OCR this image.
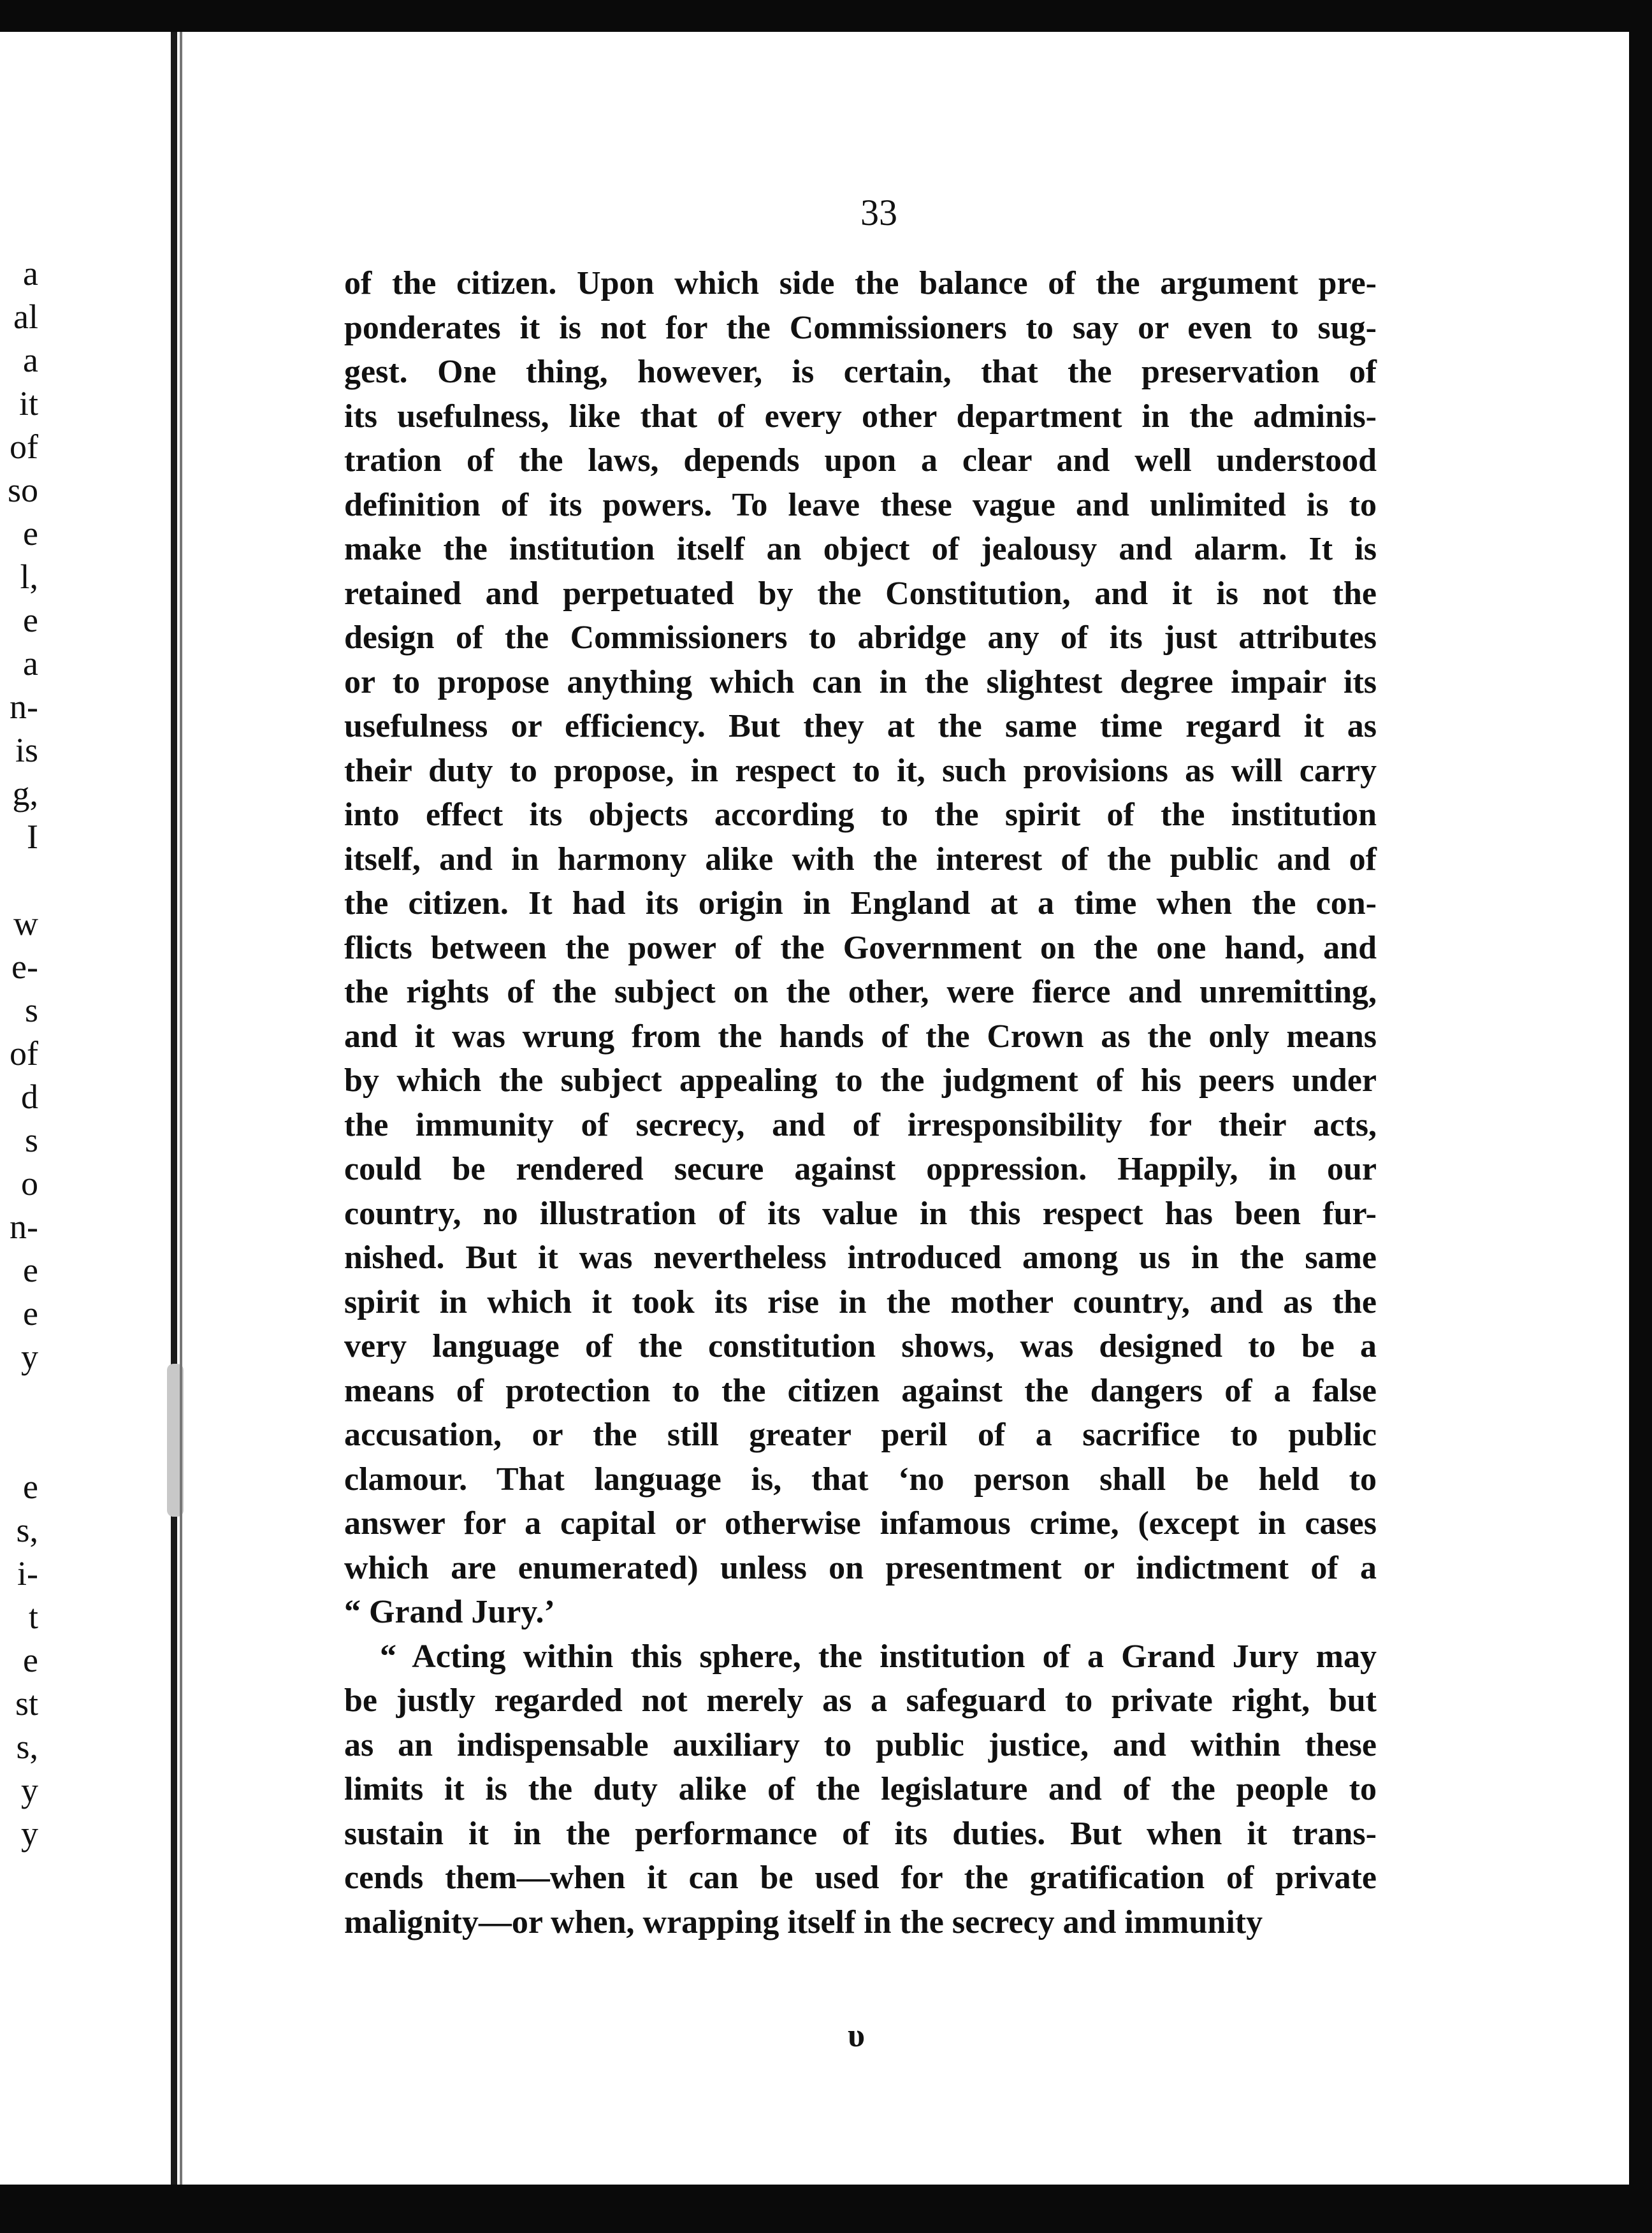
a
al
a
it
of
so
e
l,
e
a
n-
is
g,
I
w
e-
s
of
d
s
o
n-
e
e
y
e
s,
i-
t
e
st
s,
y
y
33
of the citizen. Upon which side the balance of the argument pre-
ponderates it is not for the Commissioners to say or even to sug-
gest. One thing, however, is certain, that the preservation of
its usefulness, like that of every other department in the adminis-
tration of the laws, depends upon a clear and well understood
definition of its powers. To leave these vague and unlimited is to
make the institution itself an object of jealousy and alarm. It is
retained and perpetuated by the Constitution, and it is not the
design of the Commissioners to abridge any of its just attributes
or to propose anything which can in the slightest degree impair its
usefulness or efficiency. But they at the same time regard it as
their duty to propose, in respect to it, such provisions as will carry
into effect its objects according to the spirit of the institution
itself, and in harmony alike with the interest of the public and of
the citizen. It had its origin in England at a time when the con-
flicts between the power of the Government on the one hand, and
the rights of the subject on the other, were fierce and unremitting,
and it was wrung from the hands of the Crown as the only means
by which the subject appealing to the judgment of his peers under
the immunity of secrecy, and of irresponsibility for their acts,
could be rendered secure against oppression. Happily, in our
country, no illustration of its value in this respect has been fur-
nished. But it was nevertheless introduced among us in the same
spirit in which it took its rise in the mother country, and as the
very language of the constitution shows, was designed to be a
means of protection to the citizen against the dangers of a false
accusation, or the still greater peril of a sacrifice to public
clamour. That language is, that ‘no person shall be held to
answer for a capital or otherwise infamous crime, (except in cases
which are enumerated) unless on presentment or indictment of a
“ Grand Jury.’
“ Acting within this sphere, the institution of a Grand Jury may
be justly regarded not merely as a safeguard to private right, but
as an indispensable auxiliary to public justice, and within these
limits it is the duty alike of the legislature and of the people to
sustain it in the performance of its duties. But when it trans-
cends them—when it can be used for the gratification of private
malignity—or when, wrapping itself in the secrecy and immunity
υ
